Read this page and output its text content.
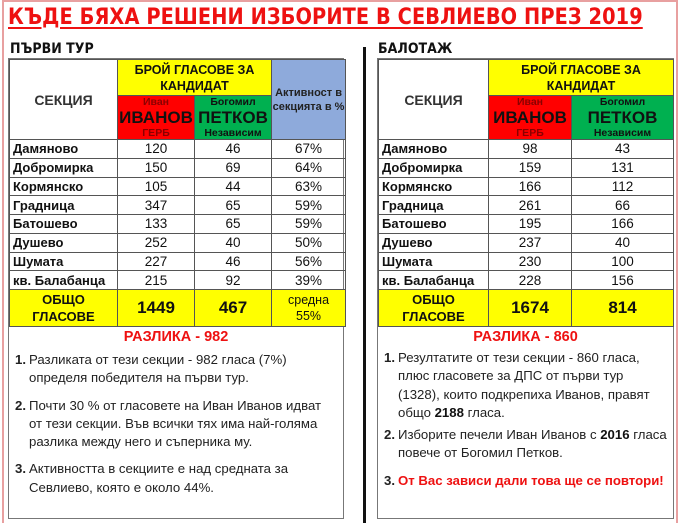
КЪДЕ БЯХА РЕШЕНИ ИЗБОРИТЕ В СЕВЛИЕВО ПРЕЗ 2019
ПЪРВИ ТУР	БАЛОТАЖ
СЕКЦИЯ	БРОЙ ГЛАСОВЕ ЗА КАНДИДАТ		Активност в секцията в %

	Иван
ИВАНОВ
ГЕРБ	Богомил
ПЕТКОВ
Независим	

Дамяново	120	46	67%
Добромирка	150	69	64%
Кормянско	105	44	63%
Градница	347	65	59%
Батошево	133	65	59%
Душево	252	40	50%
Шумата	227	46	56%
кв. Балабанца	215	92	39%

ОБЩО
ГЛАСОВЕ	1449	467	средна
55%
РАЗЛИКА - 982
1. Разликата от тези секции - 982 гласа (7%) определя победителя на първи тур.
2. Почти 30 % от гласовете на Иван Иванов идват от тези секции. Във всички тях има най-голяма разлика между него и съперника му.
3. Активността в секциите е над средната за Севлиево, която е около 44%.
СЕКЦИЯ	БРОЙ ГЛАСОВЕ ЗА КАНДИДАТ	

	Иван
ИВАНОВ
ГЕРБ	Богомил
ПЕТКОВ
Независим

Дамяново	98	43
Добромирка	159	131
Кормянско	166	112
Градница	261	66
Батошево	195	166
Душево	237	40
Шумата	230	100
кв. Балабанца	228	156

ОБЩО
ГЛАСОВЕ	1674	814
РАЗЛИКА - 860
1. Резултатите от тези секции - 860 гласа, плюс гласовете за ДПС от първи тур (1328), които подкрепиха Иванов, правят общо 2188 гласа.
2. Изборите печели Иван Иванов с 2016 гласа повече от Богомил Петков.
3. От Вас зависи дали това ще се повтори!
